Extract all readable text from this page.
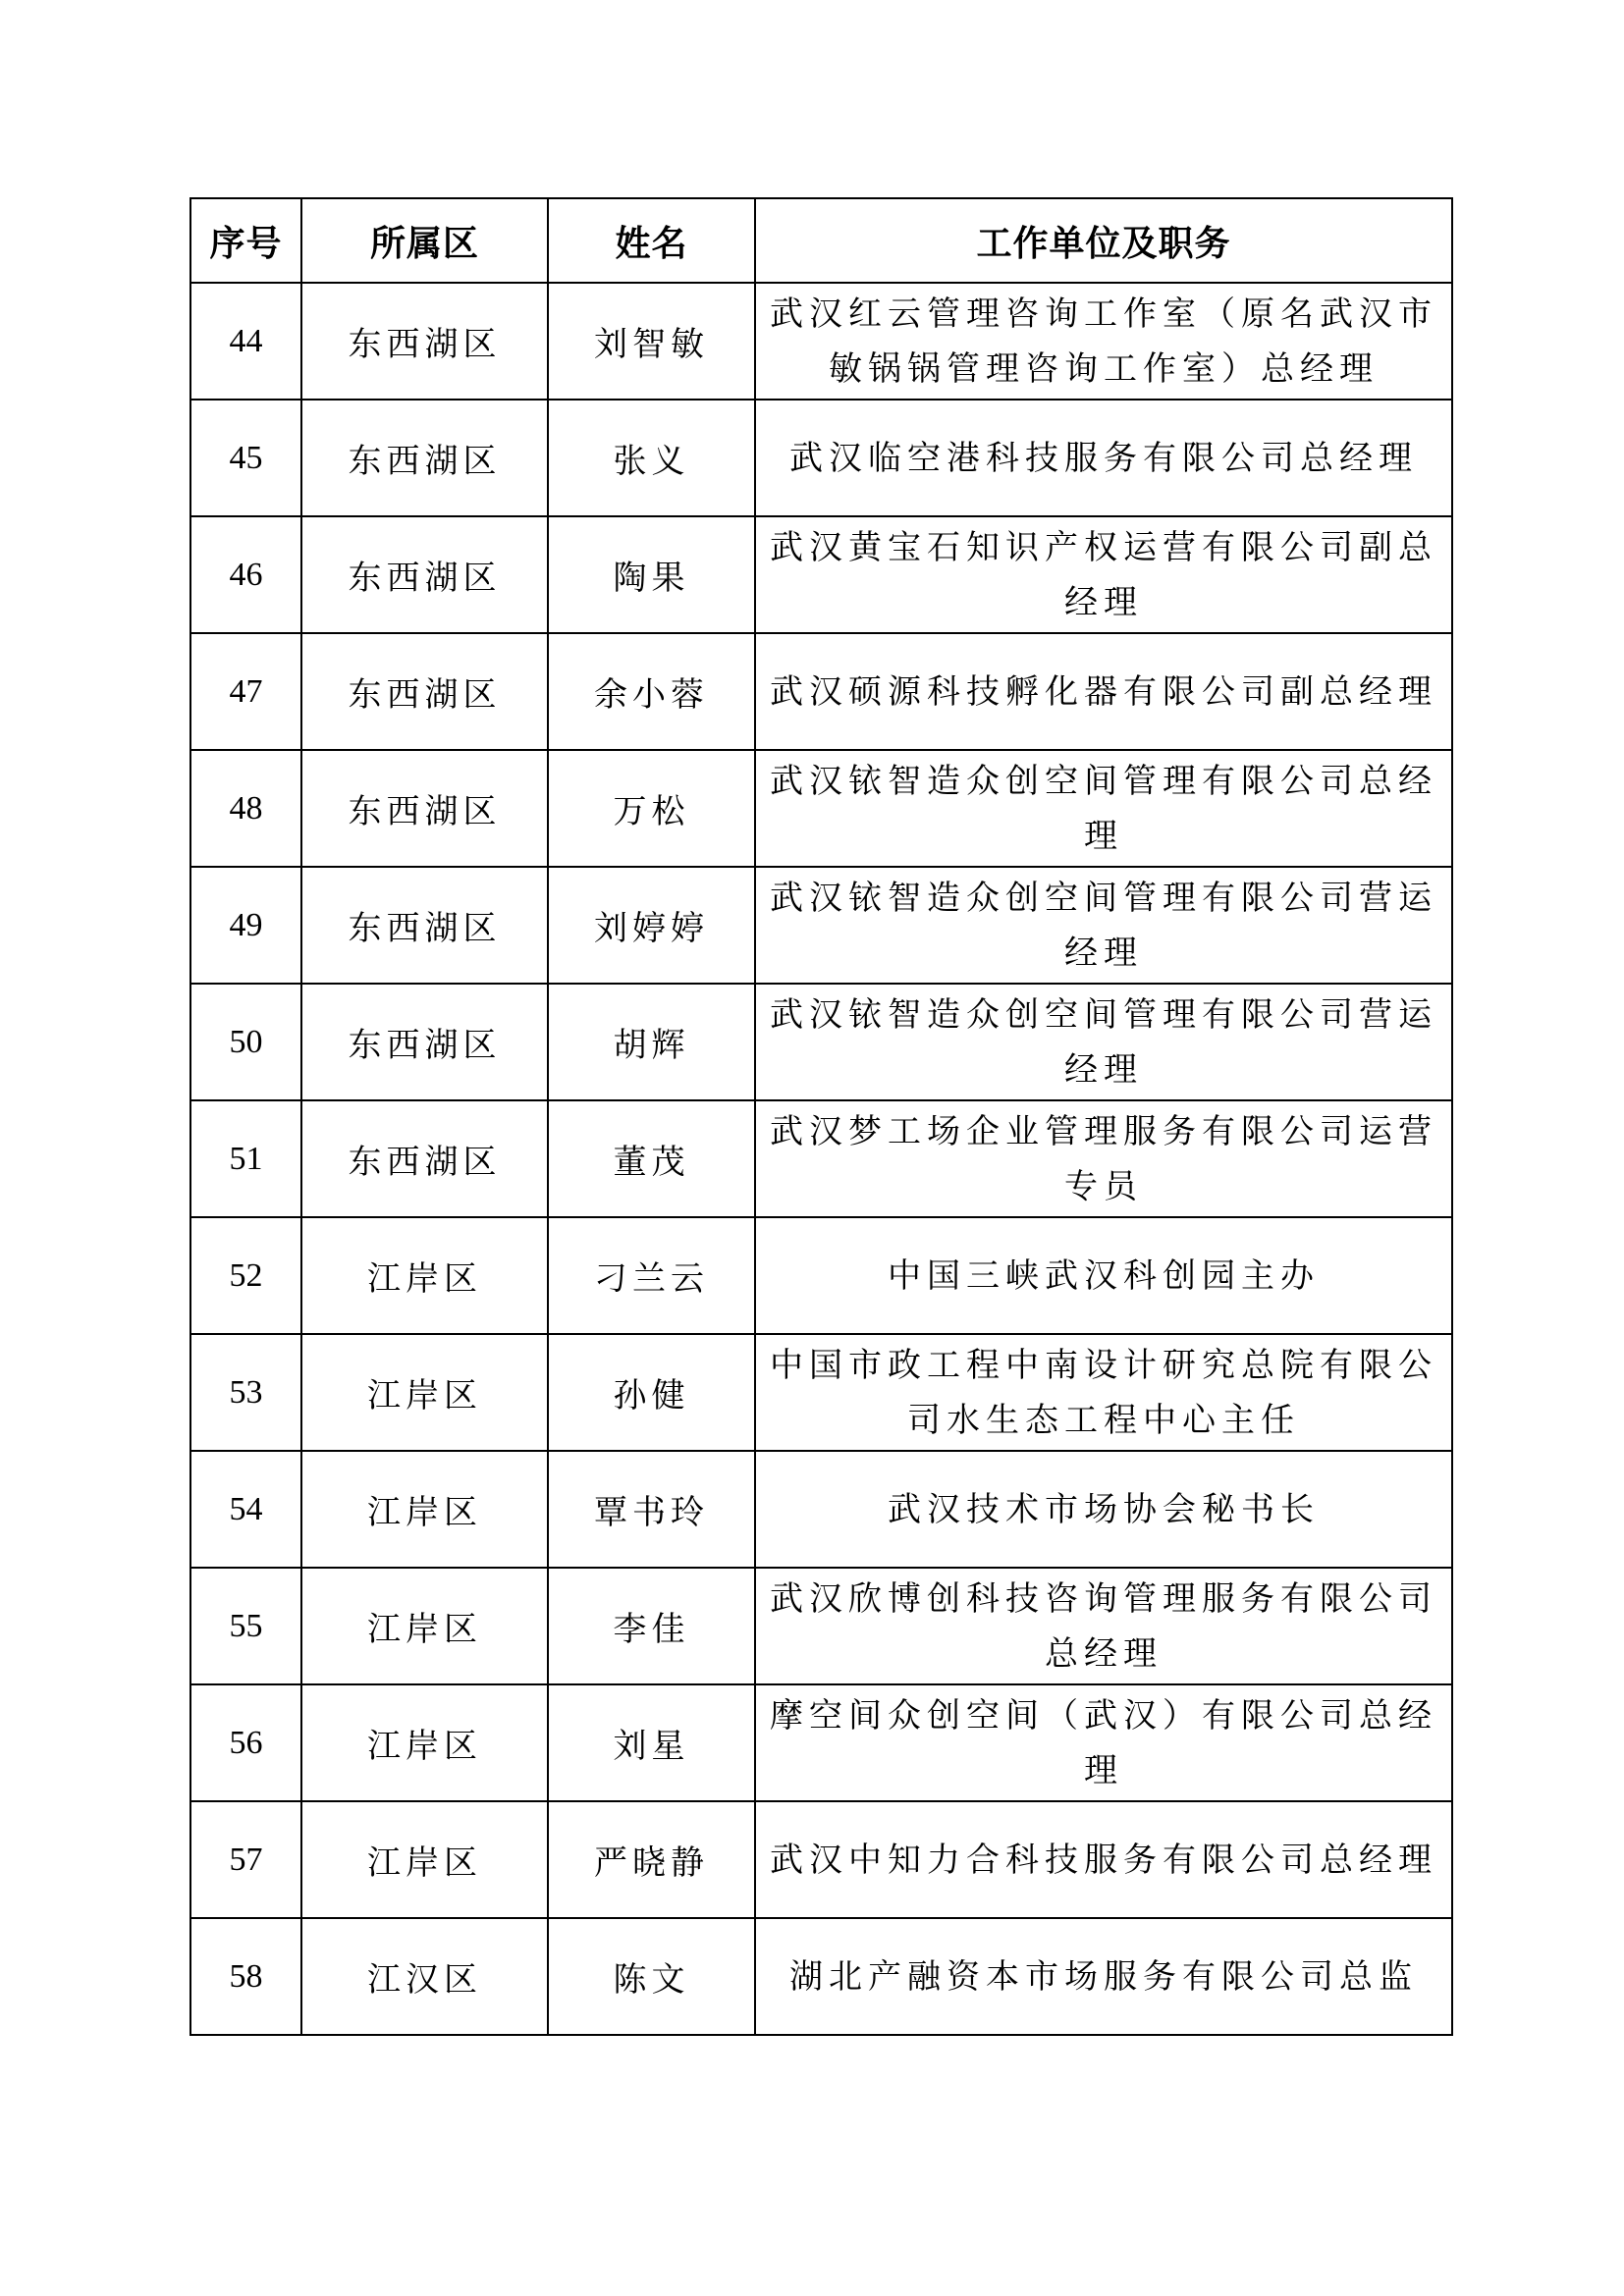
序号	所属区	姓名	工作单位及职务
44	东西湖区	刘智敏	武汉红云管理咨询工作室（原名武汉市敏锅锅管理咨询工作室）总经理
45	东西湖区	张义	武汉临空港科技服务有限公司总经理
46	东西湖区	陶果	武汉黄宝石知识产权运营有限公司副总经理
47	东西湖区	余小蓉	武汉硕源科技孵化器有限公司副总经理
48	东西湖区	万松	武汉铱智造众创空间管理有限公司总经理
49	东西湖区	刘婷婷	武汉铱智造众创空间管理有限公司营运经理
50	东西湖区	胡辉	武汉铱智造众创空间管理有限公司营运经理
51	东西湖区	董茂	武汉梦工场企业管理服务有限公司运营专员
52	江岸区	刁兰云	中国三峡武汉科创园主办
53	江岸区	孙健	中国市政工程中南设计研究总院有限公司水生态工程中心主任
54	江岸区	覃书玲	武汉技术市场协会秘书长
55	江岸区	李佳	武汉欣博创科技咨询管理服务有限公司总经理
56	江岸区	刘星	摩空间众创空间（武汉）有限公司总经理
57	江岸区	严晓静	武汉中知力合科技服务有限公司总经理
58	江汉区	陈文	湖北产融资本市场服务有限公司总监
